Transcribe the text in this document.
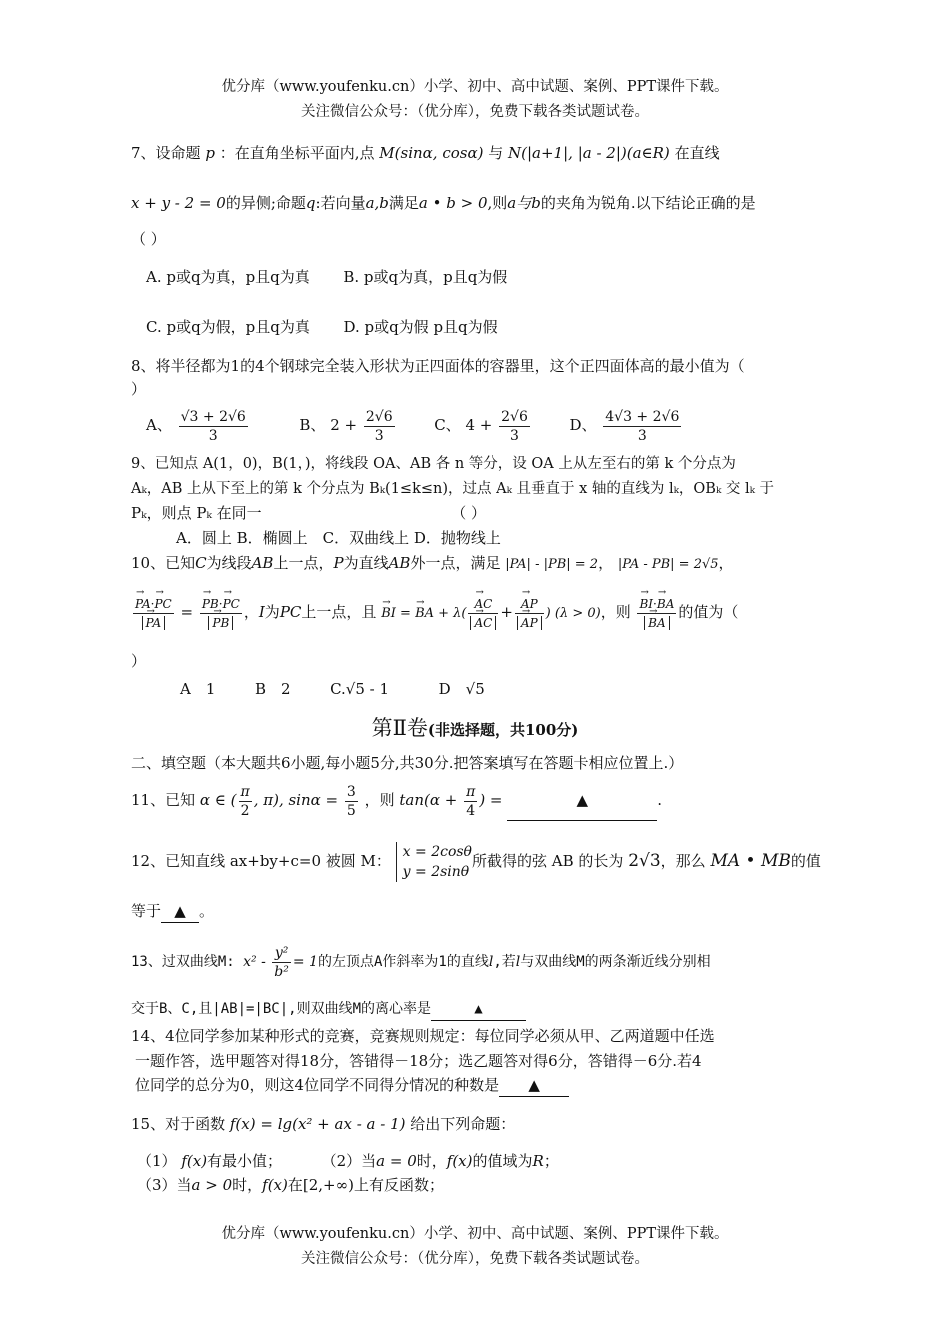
优分库（www.youfenku.cn）小学、初中、高中试题、案例、PPT课件下载。
关注微信公众号：（优分库），免费下载各类试题试卷。
7、设命题 p ：在直角坐标平面内,点 M(sinα, cosα) 与 N(|a+1|, |a - 2|)(a∈R) 在直线
x + y - 2 = 0的异侧;命题q:若向量a,b满足a • b > 0,则a与b的夹角为锐角.以下结论正确的是
（ ）
A. p或q为真，p且q为真 B. p或q为真，p且q为假
C. p或q为假，p且q为真 D. p或q为假 p且q为假
8、将半径都为1的4个钢球完全装入形状为正四面体的容器里，这个正四面体高的最小值为（
）
A、 $\frac{√3 + 2√6}{3}$	B、 $2 + \frac{2√6}{3}$	C、 $4 + \frac{2√6}{3}$	D、 $\frac{4√3 + 2√6}{3}$
9、已知点 A(1，0)，B(1，)，将线段 OA、AB 各 n 等分，设 OA 上从左至右的第 k 个分点为
Aₖ，AB 上从下至上的第 k 个分点为 Bₖ(1≤k≤n)，过点 Aₖ 且垂直于 x 轴的直线为 lₖ，OBₖ 交 lₖ 于
Pₖ，则点 Pₖ 在同一	（ ）
A．圆上 B．椭圆上　C．双曲线上 D．抛物线上
10、已知C为线段AB上一点，P为直线AB外一点，满足 |PA| - |PB| = 2， |PA - PB| = 2√5，
→ PA·→ PC
→ PA = → PB·→ PC
→ PB ，I为PC上一点，且 → BI = → BA + λ( → AC
→ AC + → AP
→ AP ) (λ > 0)，则 → BI·→ BA
→ BA 的值为（
）
A　1	B　2	C.√5 - 1	D　√5
第Ⅱ卷(非选择题，共100分)
二、填空题（本大题共6小题,每小题5分,共30分.把答案填写在答题卡相应位置上.）
11、已知 α ∈ ( $\frac{\pi}{2}$ , π), $\sin\alpha = \frac{3}{5}$ ，则 $\tan(\alpha + \frac{\pi}{4}$ ) =	▲	.
12、已知直线 ax+by+c=0 被圆 M： x = 2cosθ
y = 2sinθ
所截得的弦 AB 的长为 2√3，那么 MA • MB的值
等于 ▲ 。
13、过双曲线M: $x^2 - \frac{\text{y²}}{\text{b²}} = 1$的左顶点A作斜率为1的直线l,若l与双曲线M的两条渐近线分别相
交于B、C,且|AB|=|BC|,则双曲线M的离心率是	▲
14、4位同学参加某种形式的竞赛，竞赛规则规定：每位同学必须从甲、乙两道题中任选
一题作答，选甲题答对得18分，答错得－18分；选乙题答对得6分，答错得－6分.若4
位同学的总分为0，则这4位同学不同得分情况的种数是 ▲
15、对于函数 f(x) = lg(x² + ax - a - 1) 给出下列命题：
（1） f(x)有最小值；	（2）当a = 0时，f(x)的值域为R；
（3）当a > 0时，f(x)在[2,+∞)上有反函数；
优分库（www.youfenku.cn）小学、初中、高中试题、案例、PPT课件下载。
关注微信公众号：（优分库），免费下载各类试题试卷。
